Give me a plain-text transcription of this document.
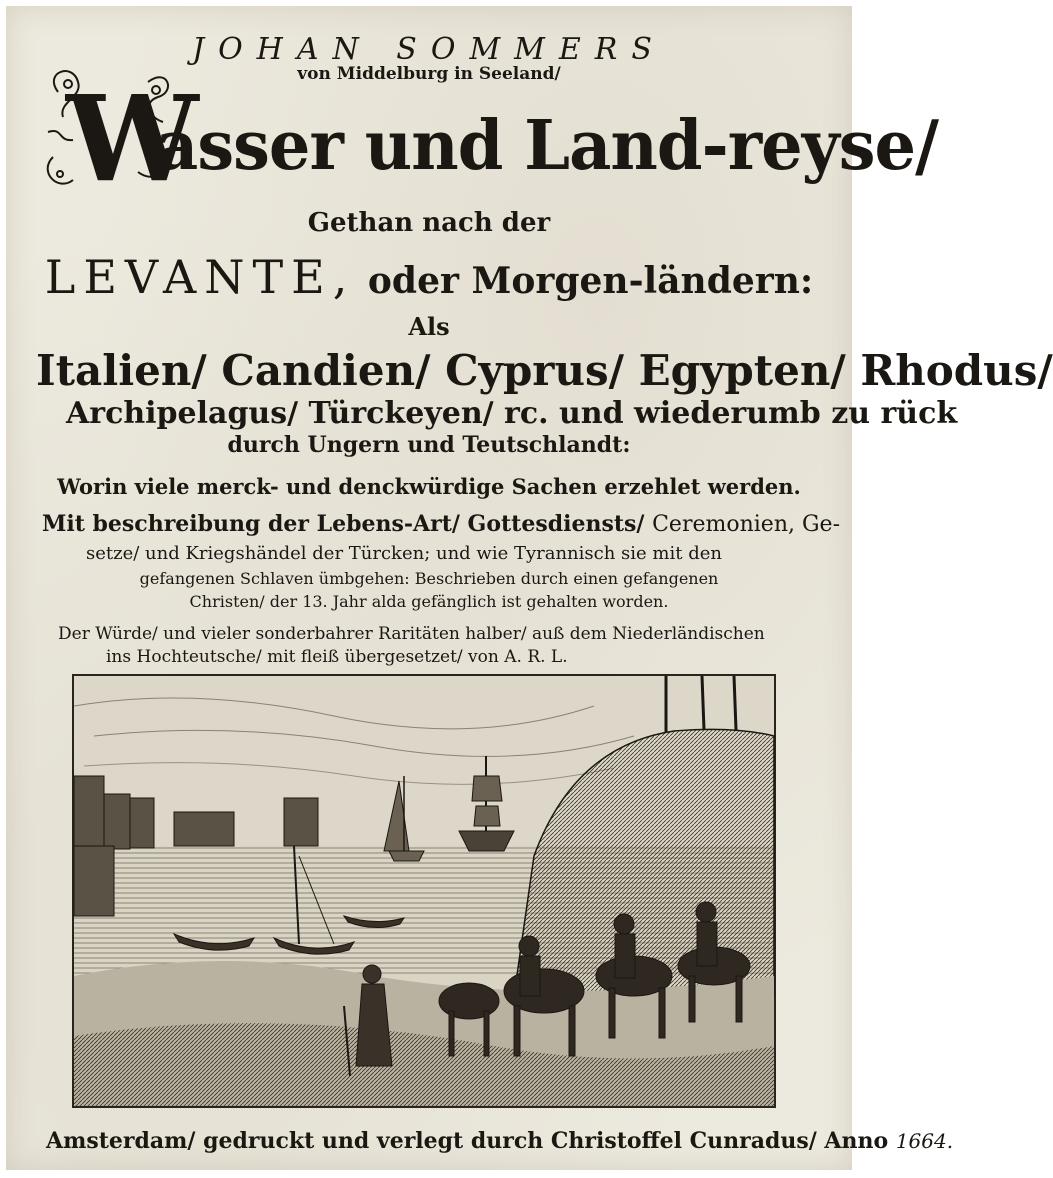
JOHAN SOMMERS
von Middelburg in Seeland/
W
asser und Land-reyse/
Gethan nach der
LEVANTE, oder Morgen-ländern:
Als
Italien/ Candien/ Cyprus/ Egypten/ Rhodus/
Archipelagus/ Türckeyen/ rc. und wiederumb zu rück
durch Ungern und Teutschlandt:
Worin viele merck- und denckwürdige Sachen erzehlet werden.
Mit beschreibung der Lebens-Art/ Gottesdiensts/ Ceremonien, Ge-
setze/ und Kriegshändel der Türcken; und wie Tyrannisch sie mit den
gefangenen Schlaven ümbgehen: Beschrieben durch einen gefangenen
Christen/ der 13. Jahr alda gefänglich ist gehalten worden.
Der Würde/ und vieler sonderbahrer Raritäten halber/ auß dem Niederländischen
ins Hochteutsche/ mit fleiß übergesetzet/ von A. R. L.
Amsterdam/ gedruckt und verlegt durch Christoffel Cunradus/ Anno 1664.
